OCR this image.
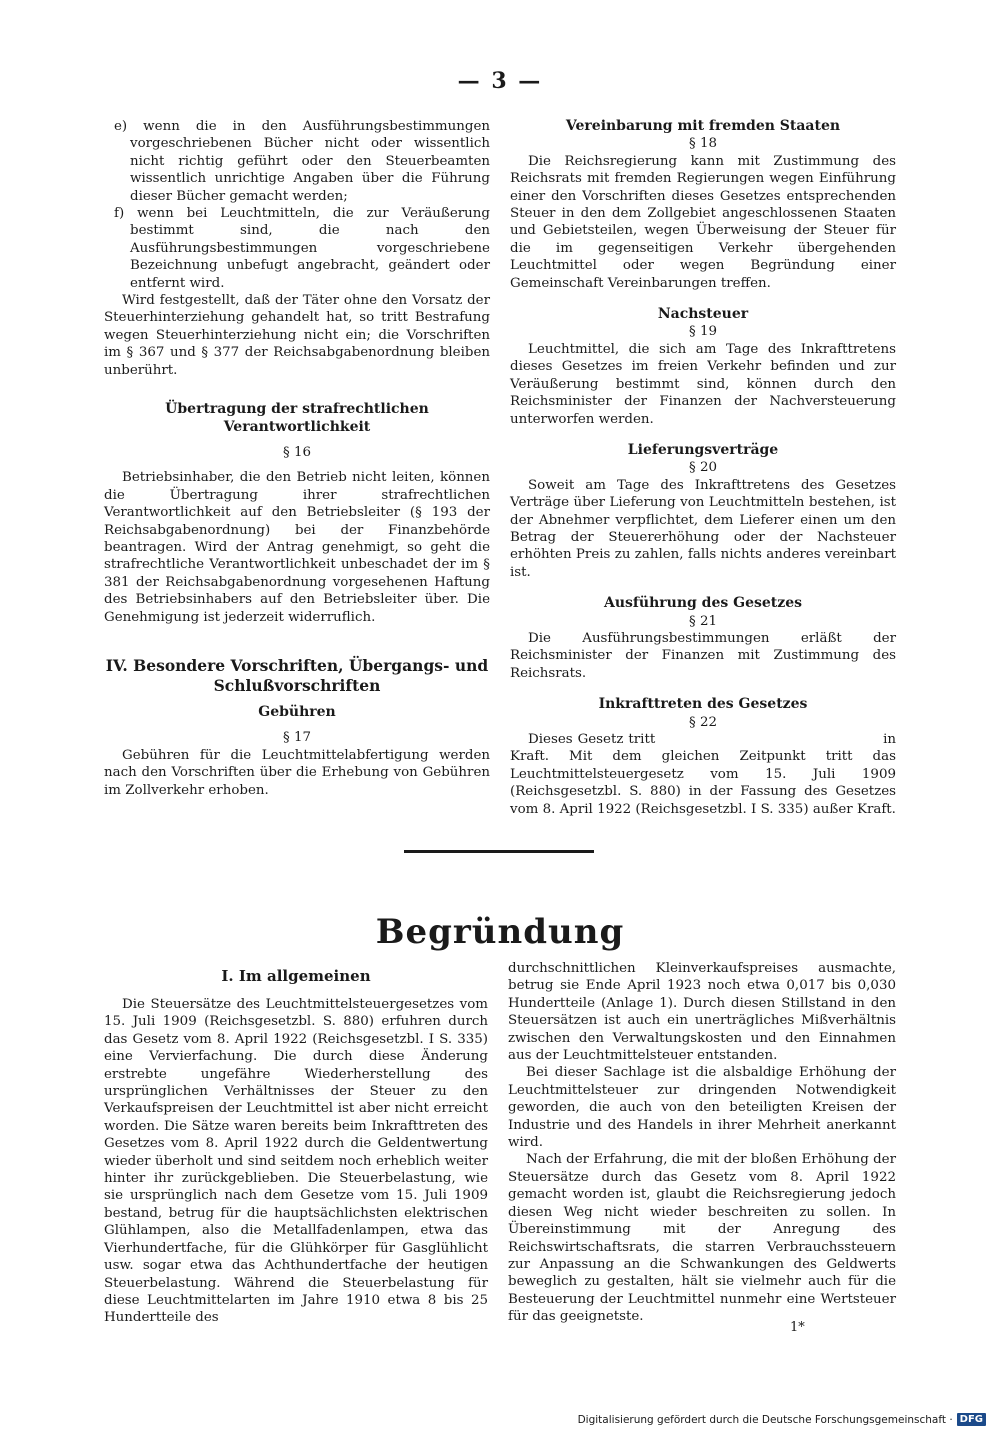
— 3 —

e) wenn die in den Ausführungsbestimmungen vorgeschriebenen Bücher nicht oder wissentlich nicht richtig geführt oder den Steuerbeamten wissentlich unrichtige Angaben über die Führung dieser Bücher gemacht werden;

f) wenn bei Leuchtmitteln, die zur Veräußerung bestimmt sind, die nach den Ausführungsbestimmungen vorgeschriebene Bezeichnung unbefugt angebracht, geändert oder entfernt wird.

Wird festgestellt, daß der Täter ohne den Vorsatz der Steuerhinterziehung gehandelt hat, so tritt Bestrafung wegen Steuerhinterziehung nicht ein; die Vorschriften im § 367 und § 377 der Reichsabgabenordnung bleiben unberührt.

Übertragung der strafrechtlichen Verantwortlichkeit

§ 16

Betriebsinhaber, die den Betrieb nicht leiten, können die Übertragung ihrer strafrechtlichen Verantwortlichkeit auf den Betriebsleiter (§ 193 der Reichsabgabenordnung) bei der Finanzbehörde beantragen. Wird der Antrag genehmigt, so geht die strafrechtliche Verantwortlichkeit unbeschadet der im § 381 der Reichsabgabenordnung vorgesehenen Haftung des Betriebsinhabers auf den Betriebsleiter über. Die Genehmigung ist jederzeit widerruflich.

IV. Besondere Vorschriften, Übergangs- und

Schlußvorschriften

Gebühren

§ 17

Gebühren für die Leuchtmittelabfertigung werden nach den Vorschriften über die Erhebung von Gebühren im Zollverkehr erhoben.

Vereinbarung mit fremden Staaten

§ 18

Die Reichsregierung kann mit Zustimmung des Reichsrats mit fremden Regierungen wegen Einführung einer den Vorschriften dieses Gesetzes entsprechenden Steuer in den dem Zollgebiet angeschlossenen Staaten und Gebietsteilen, wegen Überweisung der Steuer für die im gegenseitigen Verkehr übergehenden Leuchtmittel oder wegen Begründung einer Gemeinschaft Vereinbarungen treffen.

Nachsteuer

§ 19

Leuchtmittel, die sich am Tage des Inkrafttretens dieses Gesetzes im freien Verkehr befinden und zur Veräußerung bestimmt sind, können durch den Reichsminister der Finanzen der Nachversteuerung unterworfen werden.

Lieferungsverträge

§ 20

Soweit am Tage des Inkrafttretens des Gesetzes Verträge über Lieferung von Leuchtmitteln bestehen, ist der Abnehmer verpflichtet, dem Lieferer einen um den Betrag der Steuererhöhung oder der Nachsteuer erhöhten Preis zu zahlen, falls nichts anderes vereinbart ist.

Ausführung des Gesetzes

§ 21

Die Ausführungsbestimmungen erläßt der Reichsminister der Finanzen mit Zustimmung des Reichsrats.

Inkrafttreten des Gesetzes

§ 22

Dieses Gesetz tritt                                              in Kraft. Mit dem gleichen Zeitpunkt tritt das Leuchtmittelsteuergesetz vom 15. Juli 1909 (Reichsgesetzbl. S. 880) in der Fassung des Gesetzes vom 8. April 1922 (Reichsgesetzbl. I S. 335) außer Kraft.

Begründung

I. Im allgemeinen

Die Steuersätze des Leuchtmittelsteuergesetzes vom 15. Juli 1909 (Reichsgesetzbl. S. 880) erfuhren durch das Gesetz vom 8. April 1922 (Reichsgesetzbl. I S. 335) eine Vervierfachung. Die durch diese Änderung erstrebte ungefähre Wiederherstellung des ursprünglichen Verhältnisses der Steuer zu den Verkaufspreisen der Leuchtmittel ist aber nicht erreicht worden. Die Sätze waren bereits beim Inkrafttreten des Gesetzes vom 8. April 1922 durch die Geldentwertung wieder überholt und sind seitdem noch erheblich weiter hinter ihr zurückgeblieben. Die Steuerbelastung, wie sie ursprünglich nach dem Gesetze vom 15. Juli 1909 bestand, betrug für die hauptsächlichsten elektrischen Glühlampen, also die Metallfadenlampen, etwa das Vierhundertfache, für die Glühkörper für Gasglühlicht usw. sogar etwa das Achthundertfache der heutigen Steuerbelastung. Während die Steuerbelastung für diese Leuchtmittelarten im Jahre 1910 etwa 8 bis 25 Hundertteile des

durchschnittlichen Kleinverkaufspreises ausmachte, betrug sie Ende April 1923 noch etwa 0,017 bis 0,030 Hundertteile (Anlage 1). Durch diesen Stillstand in den Steuersätzen ist auch ein unerträgliches Mißverhältnis zwischen den Verwaltungskosten und den Einnahmen aus der Leuchtmittelsteuer entstanden.

Bei dieser Sachlage ist die alsbaldige Erhöhung der Leuchtmittelsteuer zur dringenden Notwendigkeit geworden, die auch von den beteiligten Kreisen der Industrie und des Handels in ihrer Mehrheit anerkannt wird.

Nach der Erfahrung, die mit der bloßen Erhöhung der Steuersätze durch das Gesetz vom 8. April 1922 gemacht worden ist, glaubt die Reichsregierung jedoch diesen Weg nicht wieder beschreiten zu sollen. In Übereinstimmung mit der Anregung des Reichswirtschaftsrats, die starren Verbrauchssteuern zur Anpassung an die Schwankungen des Geldwerts beweglich zu gestalten, hält sie vielmehr auch für die Besteuerung der Leuchtmittel nunmehr eine Wertsteuer für das geeignetste.

1*
Digitalisierung gefördert durch die Deutsche Forschungsgemeinschaft · DFG
